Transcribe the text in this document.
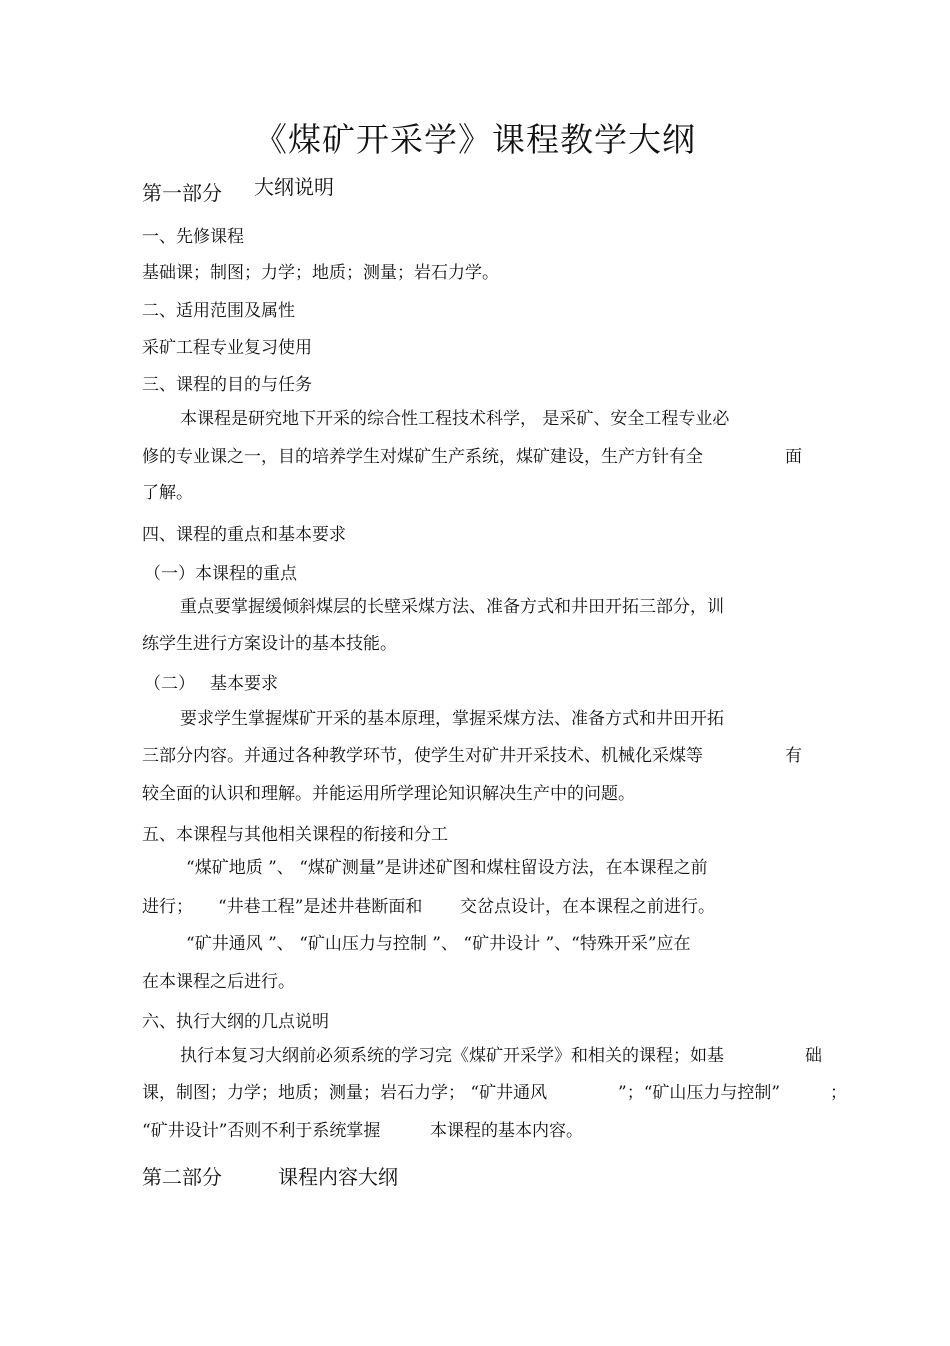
《煤矿开采学》课程教学大纲
第一部分 大纲说明
一、先修课程
基础课；制图；力学；地质；测量；岩石力学。
二、适用范围及属性
采矿工程专业复习使用
三、课程的目的与任务
本课程是研究地下开采的综合性工程技术科学， 是采矿、安全工程专业必
修的专业课之一，目的培养学生对煤矿生产系统，煤矿建设，生产方针有全	面
了解。
四、课程的重点和基本要求
（一）本课程的重点
重点要掌握缓倾斜煤层的长壁采煤方法、准备方式和井田开拓三部分，训
练学生进行方案设计的基本技能。
（二） 基本要求
要求学生掌握煤矿开采的基本原理，掌握采煤方法、准备方式和井田开拓
三部分内容。并通过各种教学环节，使学生对矿井开采技术、机械化采煤等	有
较全面的认识和理解。并能运用所学理论知识解决生产中的问题。
五、本课程与其他相关课程的衔接和分工
“煤矿地质 ”、 “煤矿测量”是讲述矿图和煤柱留设方法，在本课程之前
进行； “井巷工程”是述井巷断面和 交岔点设计，在本课程之前进行。
“矿井通风 ”、 “矿山压力与控制 ”、 “矿井设计 ”、“特殊开采”应在
在本课程之后进行。
六、执行大纲的几点说明
执行本复习大纲前必须系统的学习完《煤矿开采学》和相关的课程；如基	础
课，制图；力学；地质；测量；岩石力学； “矿井通风	”；“矿山压力与控制”	；
“矿井设计”否则不利于系统掌握	本课程的基本内容。
第二部分	课程内容大纲
